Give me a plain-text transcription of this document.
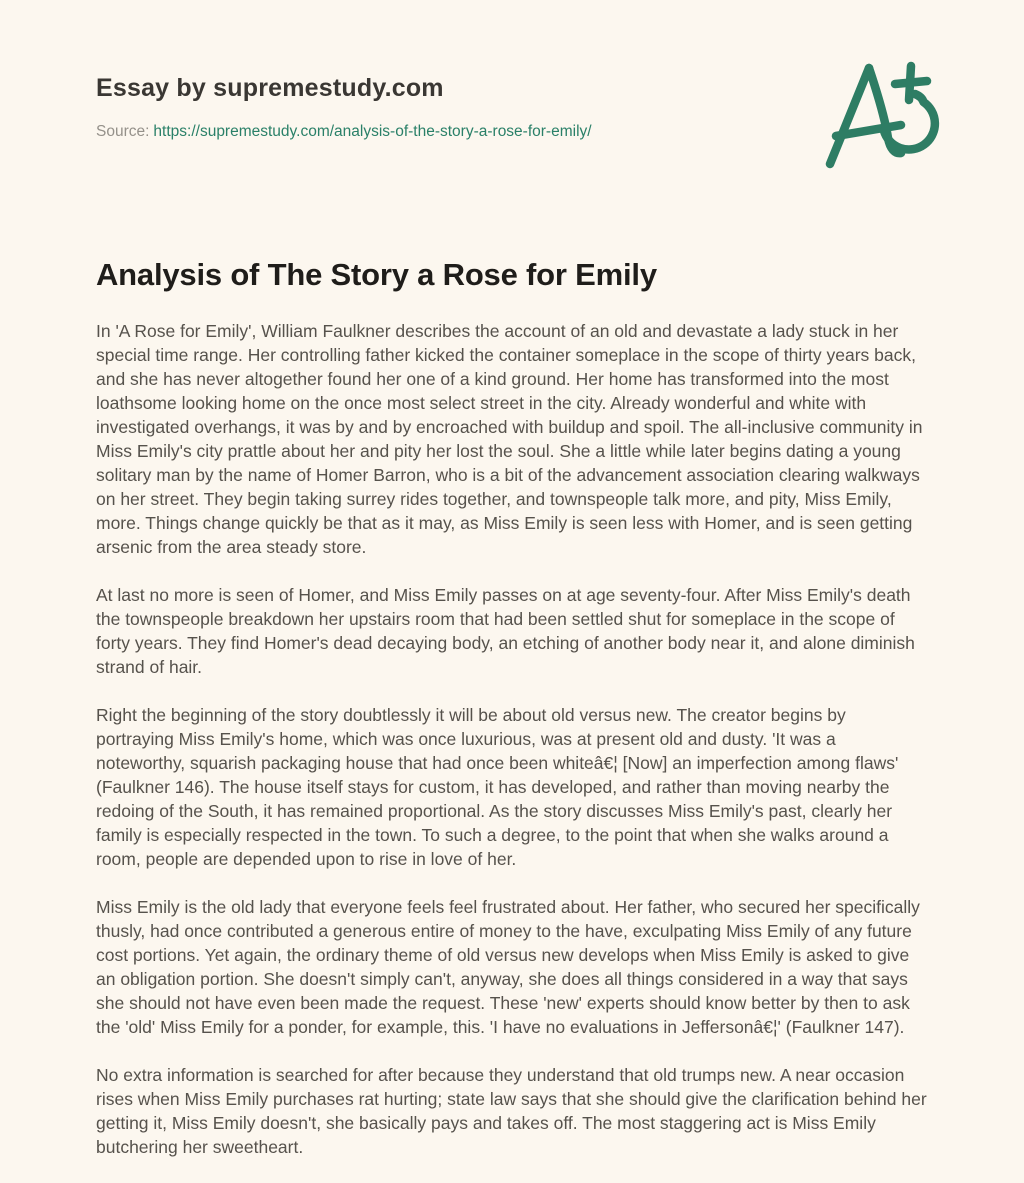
Essay by supremestudy.com
Source: https://supremestudy.com/analysis-of-the-story-a-rose-for-emily/
Analysis of The Story a Rose for Emily

In 'A Rose for Emily', William Faulkner describes the account of an old and devastate a lady stuck in her special time range. Her controlling father kicked the container someplace in the scope of thirty years back, and she has never altogether found her one of a kind ground. Her home has transformed into the most loathsome looking home on the once most select street in the city. Already wonderful and white with investigated overhangs, it was by and by encroached with buildup and spoil. The all-inclusive community in Miss Emily's city prattle about her and pity her lost the soul. She a little while later begins dating a young solitary man by the name of Homer Barron, who is a bit of the advancement association clearing walkways on her street. They begin taking surrey rides together, and townspeople talk more, and pity, Miss Emily, more. Things change quickly be that as it may, as Miss Emily is seen less with Homer, and is seen getting arsenic from the area steady store.

At last no more is seen of Homer, and Miss Emily passes on at age seventy-four. After Miss Emily's death the townspeople breakdown her upstairs room that had been settled shut for someplace in the scope of forty years. They find Homer's dead decaying body, an etching of another body near it, and alone diminish strand of hair.

Right the beginning of the story doubtlessly it will be about old versus new. The creator begins by portraying Miss Emily's home, which was once luxurious, was at present old and dusty. 'It was a noteworthy, squarish packaging house that had once been whiteâ€¦ [Now] an imperfection among flaws' (Faulkner 146). The house itself stays for custom, it has developed, and rather than moving nearby the redoing of the South, it has remained proportional. As the story discusses Miss Emily's past, clearly her family is especially respected in the town. To such a degree, to the point that when she walks around a room, people are depended upon to rise in love of her.

Miss Emily is the old lady that everyone feels feel frustrated about. Her father, who secured her specifically thusly, had once contributed a generous entire of money to the have, exculpating Miss Emily of any future cost portions. Yet again, the ordinary theme of old versus new develops when Miss Emily is asked to give an obligation portion. She doesn't simply can't, anyway, she does all things considered in a way that says she should not have even been made the request. These 'new' experts should know better by then to ask the 'old' Miss Emily for a ponder, for example, this. 'I have no evaluations in Jeffersonâ€¦' (Faulkner 147).

No extra information is searched for after because they understand that old trumps new. A near occasion rises when Miss Emily purchases rat hurting; state law says that she should give the clarification behind her getting it, Miss Emily doesn't, she basically pays and takes off. The most staggering act is Miss Emily butchering her sweetheart.
